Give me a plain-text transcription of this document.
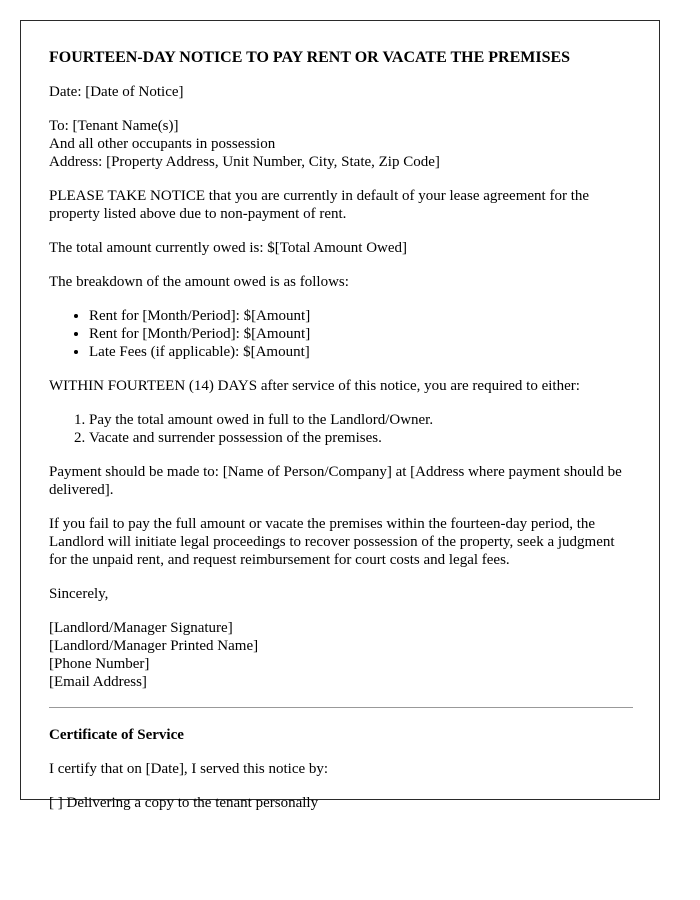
FOURTEEN-DAY NOTICE TO PAY RENT OR VACATE THE PREMISES

Date: [Date of Notice]

To: [Tenant Name(s)]
And all other occupants in possession
Address: [Property Address, Unit Number, City, State, Zip Code]

PLEASE TAKE NOTICE that you are currently in default of your lease agreement for the property listed above due to non-payment of rent.

The total amount currently owed is: $[Total Amount Owed]

The breakdown of the amount owed is as follows:

• Rent for [Month/Period]: $[Amount]
• Rent for [Month/Period]: $[Amount]
• Late Fees (if applicable): $[Amount]

WITHIN FOURTEEN (14) DAYS after service of this notice, you are required to either:

1. Pay the total amount owed in full to the Landlord/Owner.
2. Vacate and surrender possession of the premises.

Payment should be made to: [Name of Person/Company] at [Address where payment should be delivered].

If you fail to pay the full amount or vacate the premises within the fourteen-day period, the Landlord will initiate legal proceedings to recover possession of the property, seek a judgment for the unpaid rent, and request reimbursement for court costs and legal fees.

Sincerely,

[Landlord/Manager Signature]
[Landlord/Manager Printed Name]
[Phone Number]
[Email Address]

Certificate of Service

I certify that on [Date], I served this notice by:

[ ] Delivering a copy to the tenant personally
